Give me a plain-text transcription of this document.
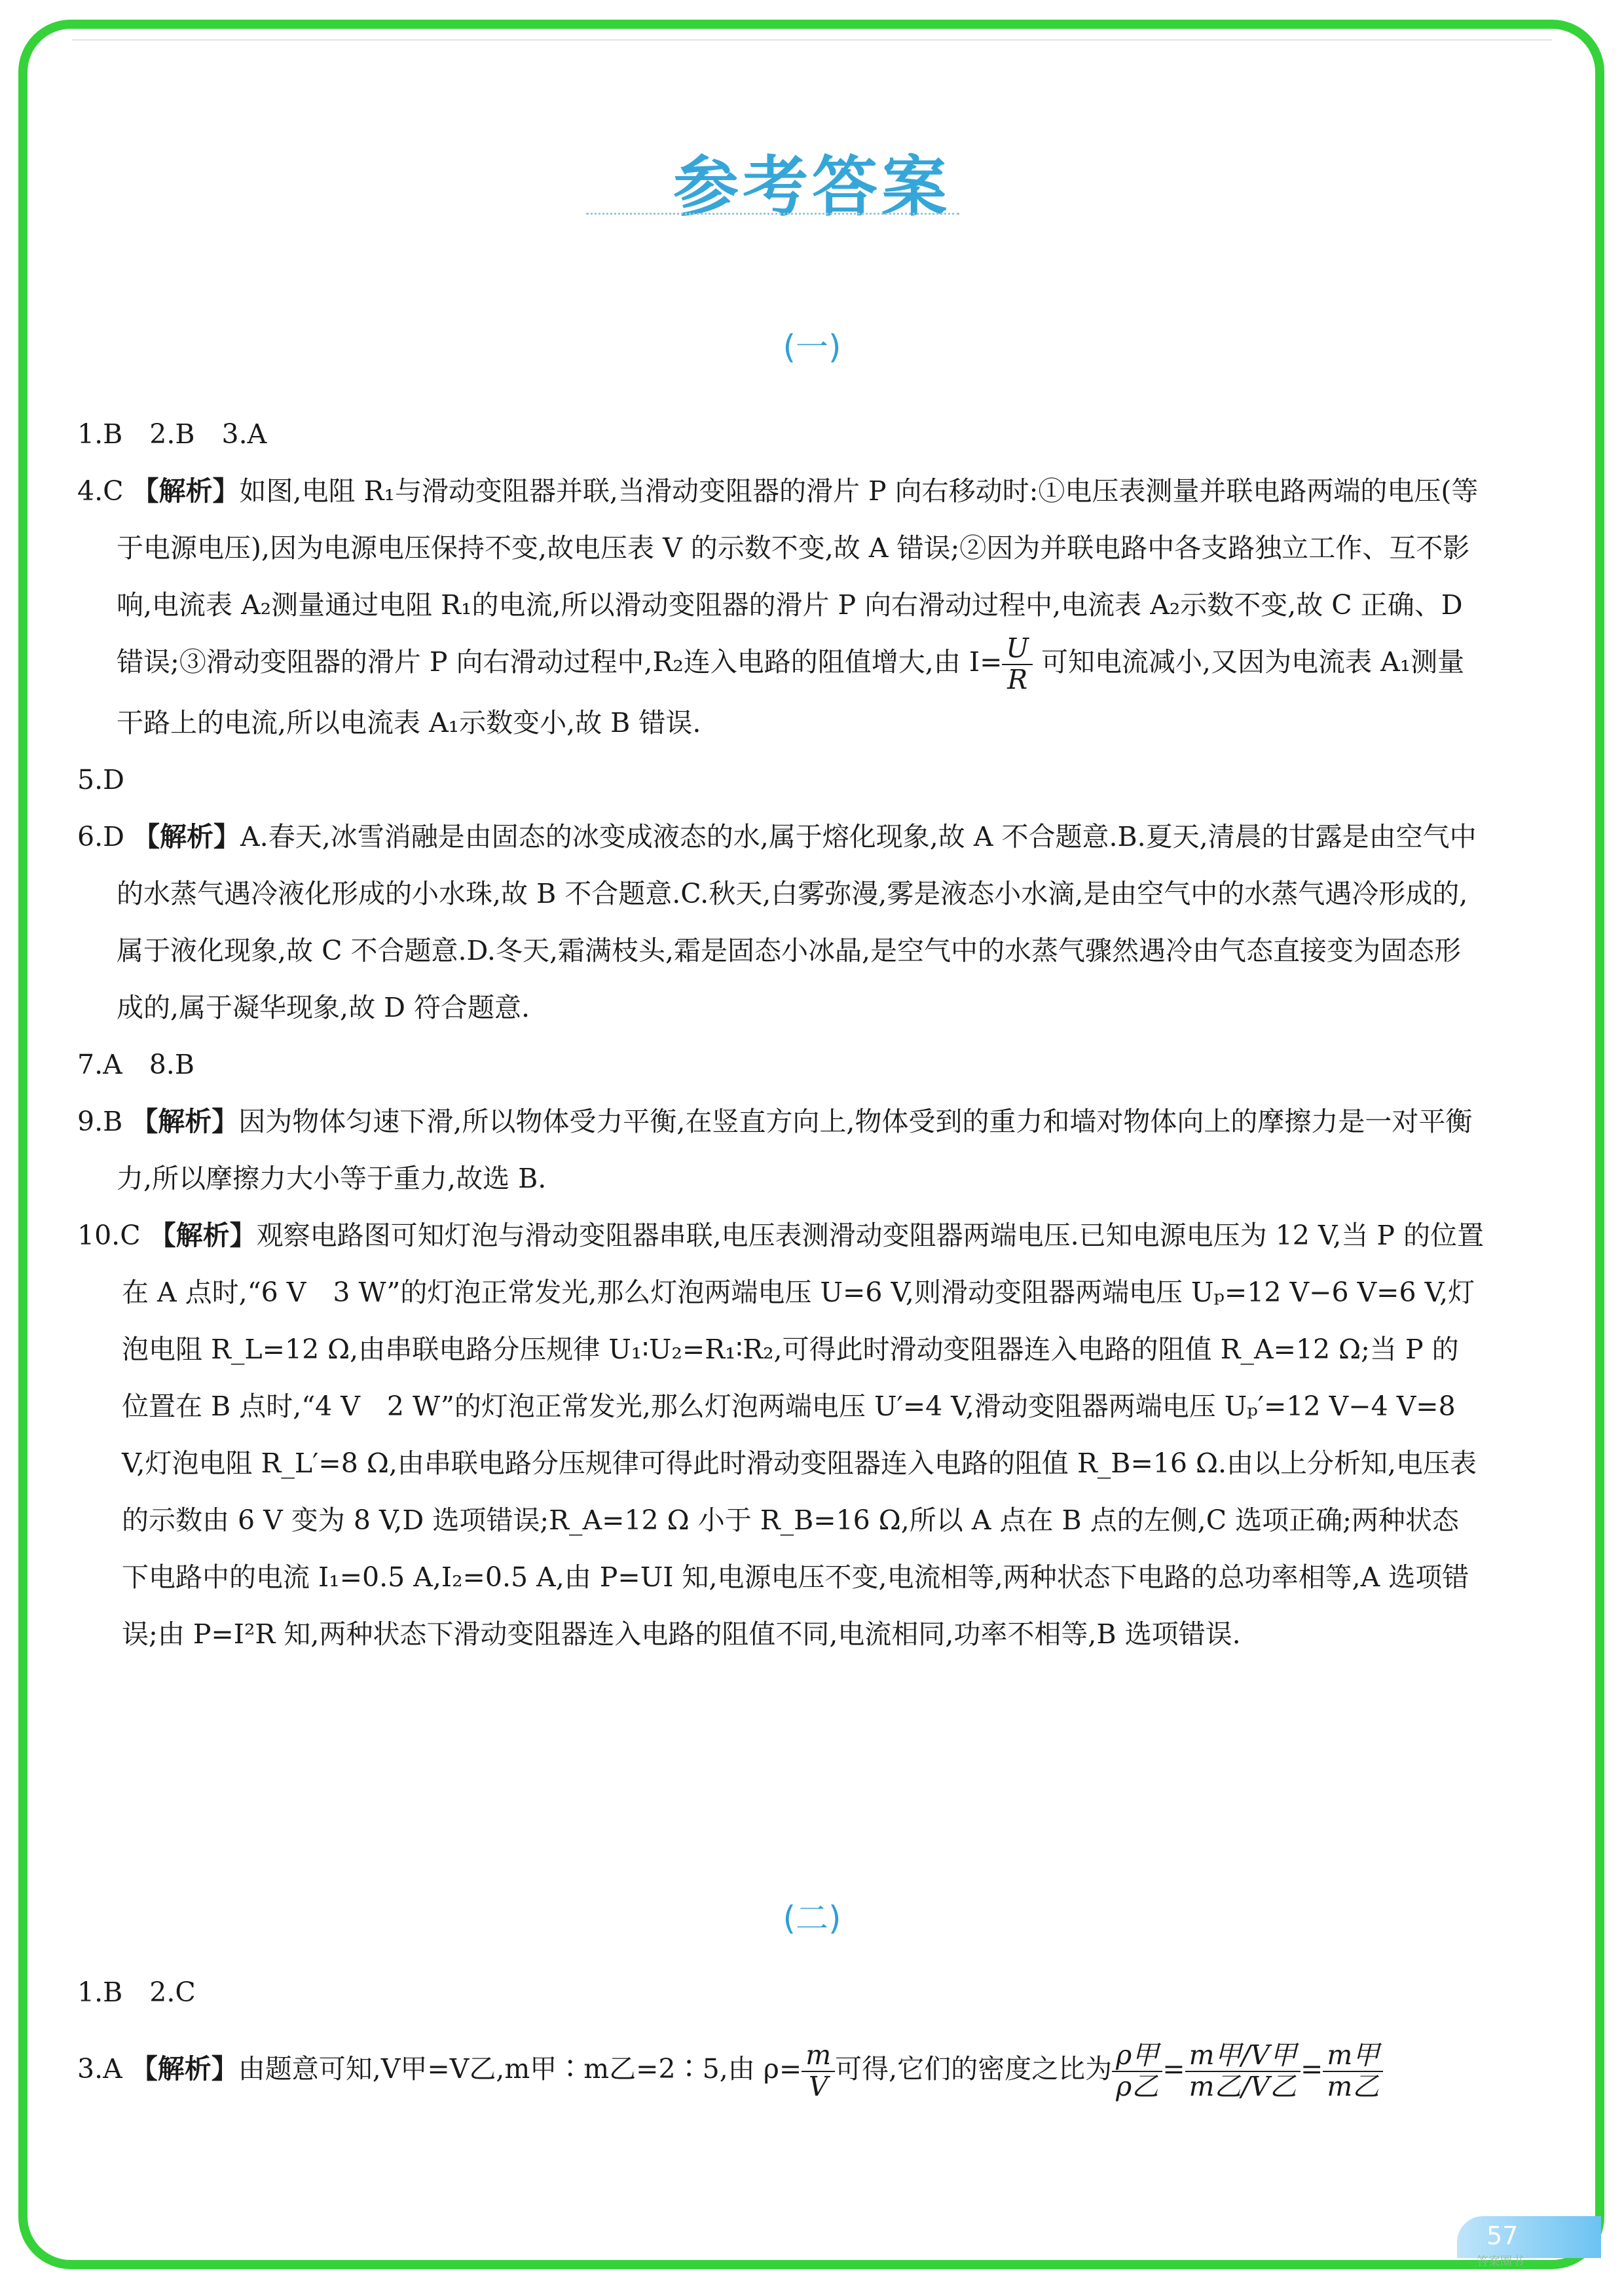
参考答案
(一)
1.B　2.B　3.A
4.C 【解析】如图,电阻 R₁与滑动变阻器并联,当滑动变阻器的滑片 P 向右移动时:①电压表测量并联电路两端的电压(等于电源电压),因为电源电压保持不变,故电压表 V 的示数不变,故 A 错误;②因为并联电路中各支路独立工作、互不影响,电流表 A₂测量通过电阻 R₁的电流,所以滑动变阻器的滑片 P 向右滑动过程中,电流表 A₂示数不变,故 C 正确、D 错误;③滑动变阻器的滑片 P 向右滑动过程中,R₂连入电路的阻值增大,由 $I= \frac{U}{R}$ 可知电流减小,又因为电流表 A₁测量干路上的电流,所以电流表 A₁示数变小,故 B 错误.
5.D
6.D 【解析】A.春天,冰雪消融是由固态的冰变成液态的水,属于熔化现象,故 A 不合题意.B.夏天,清晨的甘露是由空气中的水蒸气遇冷液化形成的小水珠,故 B 不合题意.C.秋天,白雾弥漫,雾是液态小水滴,是由空气中的水蒸气遇冷形成的,属于液化现象,故 C 不合题意.D.冬天,霜满枝头,霜是固态小冰晶,是空气中的水蒸气骤然遇冷由气态直接变为固态形成的,属于凝华现象,故 D 符合题意.
7.A　8.B
9.B 【解析】因为物体匀速下滑,所以物体受力平衡,在竖直方向上,物体受到的重力和墙对物体向上的摩擦力是一对平衡力,所以摩擦力大小等于重力,故选 B.
10.C 【解析】观察电路图可知灯泡与滑动变阻器串联,电压表测滑动变阻器两端电压.已知电源电压为 12 V,当 P 的位置在 A 点时,“6 V　3 W”的灯泡正常发光,那么灯泡两端电压 U=6 V,则滑动变阻器两端电压 Uₚ=12 V−6 V=6 V,灯泡电阻 R_L=12 Ω,由串联电路分压规律 U₁∶U₂=R₁∶R₂,可得此时滑动变阻器连入电路的阻值 R_A=12 Ω;当 P 的位置在 B 点时,“4 V　2 W”的灯泡正常发光,那么灯泡两端电压 U′=4 V,滑动变阻器两端电压 Uₚ′=12 V−4 V=8 V,灯泡电阻 R_L′=8 Ω,由串联电路分压规律可得此时滑动变阻器连入电路的阻值 R_B=16 Ω.由以上分析知,电压表的示数由 6 V 变为 8 V,D 选项错误;R_A=12 Ω 小于 R_B=16 Ω,所以 A 点在 B 点的左侧,C 选项正确;两种状态下电路中的电流 I₁=0.5 A,I₂=0.5 A,由 P=UI 知,电源电压不变,电流相等,两种状态下电路的总功率相等,A 选项错误;由 P=I²R 知,两种状态下滑动变阻器连入电路的阻值不同,电流相同,功率不相等,B 选项错误.
(二)
1.B　2.C
3.A 【解析】由题意可知,V甲=V乙,m甲∶m乙=2∶5,由 $\rho= \frac{m}{V}$ 可得,它们的密度之比为 $\frac{\text{ρ甲}}{\text{ρ乙}} = \frac{\text{m甲/V甲}}{\text{m乙/V乙}} = \frac{\text{m甲}}{\text{m乙}}$
57
答案圈书
